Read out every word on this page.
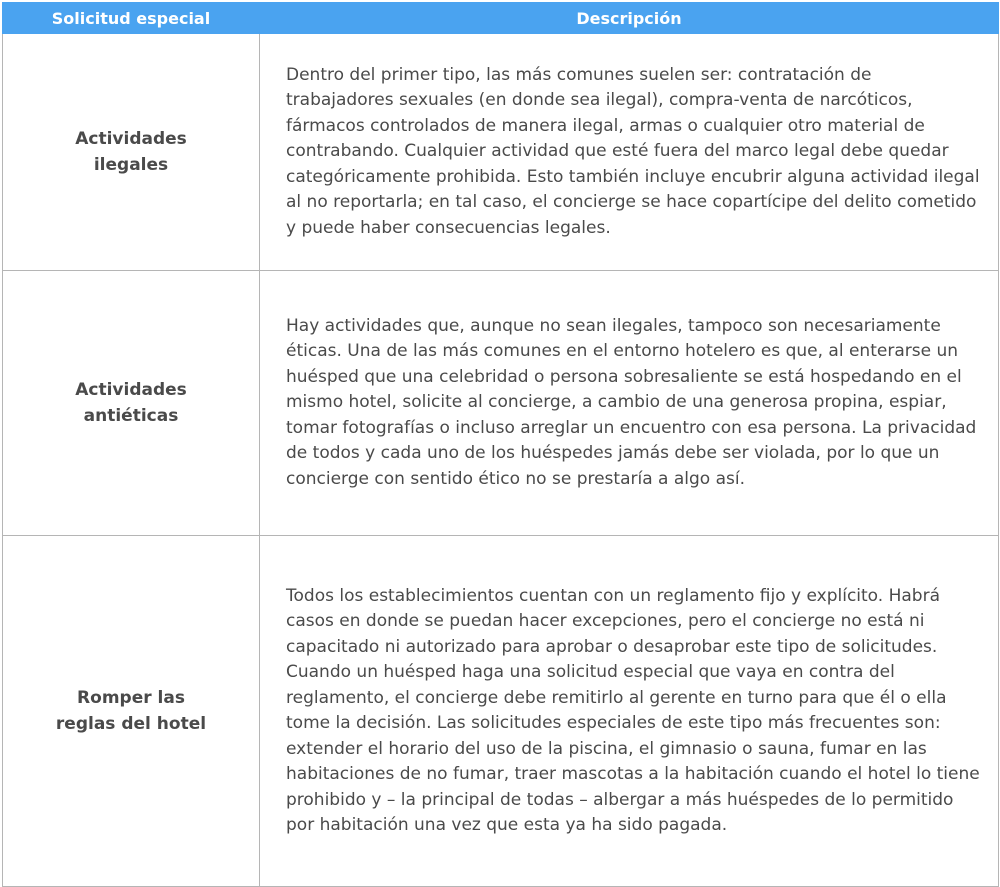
Solicitud especial	Descripción
Actividades ilegales	Dentro del primer tipo, las más comunes suelen ser: contratación de trabajadores sexuales (en donde sea ilegal), compra-venta de narcóticos, fármacos controlados de manera ilegal, armas o cualquier otro material de contrabando. Cualquier actividad que esté fuera del marco legal debe quedar categóricamente prohibida. Esto también incluye encubrir alguna actividad ilegal al no reportarla; en tal caso, el concierge se hace copartícipe del delito cometido y puede haber consecuencias legales.
Actividades antiéticas	Hay actividades que, aunque no sean ilegales, tampoco son necesariamente éticas. Una de las más comunes en el entorno hotelero es que, al enterarse un huésped que una celebridad o persona sobresaliente se está hospedando en el mismo hotel, solicite al concierge, a cambio de una generosa propina, espiar, tomar fotografías o incluso arreglar un encuentro con esa persona. La privacidad de todos y cada uno de los huéspedes jamás debe ser violada, por lo que un concierge con sentido ético no se prestaría a algo así.
Romper las reglas del hotel	Todos los establecimientos cuentan con un reglamento fijo y explícito. Habrá casos en donde se puedan hacer excepciones, pero el concierge no está ni capacitado ni autorizado para aprobar o desaprobar este tipo de solicitudes. Cuando un huésped haga una solicitud especial que vaya en contra del reglamento, el concierge debe remitirlo al gerente en turno para que él o ella tome la decisión. Las solicitudes especiales de este tipo más frecuentes son: extender el horario del uso de la piscina, el gimnasio o sauna, fumar en las habitaciones de no fumar, traer mascotas a la habitación cuando el hotel lo tiene prohibido y – la principal de todas – albergar a más huéspedes de lo permitido por habitación una vez que esta ya ha sido pagada.
